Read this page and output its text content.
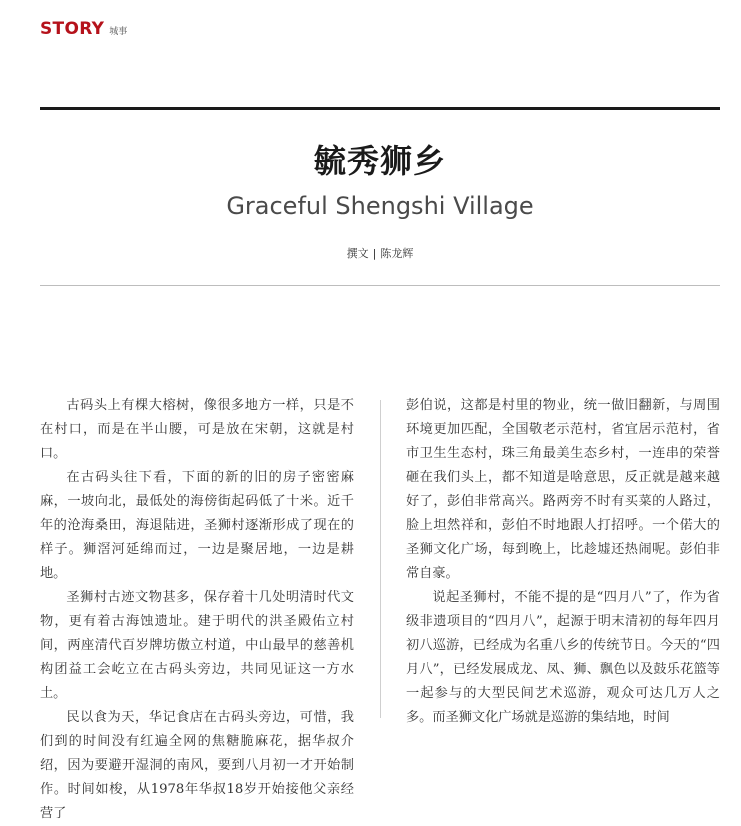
STORY 城事
毓秀狮乡
Graceful Shengshi Village
撰文 | 陈龙辉

古码头上有棵大榕树，像很多地方一样，只是不在村口，而是在半山腰，可是放在宋朝，这就是村口。

在古码头往下看，下面的新的旧的房子密密麻麻，一坡向北，最低处的海傍街起码低了十米。近千年的沧海桑田，海退陆进，圣狮村逐渐形成了现在的样子。狮滘河延绵而过，一边是聚居地，一边是耕地。

圣狮村古迹文物甚多，保存着十几处明清时代文物，更有着古海蚀遗址。建于明代的洪圣殿佑立村间，两座清代百岁牌坊傲立村道，中山最早的慈善机构团益工会屹立在古码头旁边，共同见证这一方水土。

民以食为天，华记食店在古码头旁边，可惜，我们到的时间没有红遍全网的焦糖脆麻花，据华叔介绍，因为要避开湿洞的南风，要到八月初一才开始制作。时间如梭，从1978年华叔18岁开始接他父亲经营了

彭伯说，这都是村里的物业，统一做旧翻新，与周围环境更加匹配，全国敬老示范村，省宜居示范村，省市卫生生态村，珠三角最美生态乡村，一连串的荣誉砸在我们头上，都不知道是啥意思，反正就是越来越好了，彭伯非常高兴。路两旁不时有买菜的人路过，脸上坦然祥和，彭伯不时地跟人打招呼。一个偌大的圣狮文化广场，每到晚上，比趁墟还热闹呢。彭伯非常自豪。

说起圣狮村，不能不提的是“四月八”了，作为省级非遗项目的“四月八”，起源于明末清初的每年四月初八巡游，已经成为名重八乡的传统节日。今天的“四月八”，已经发展成龙、凤、狮、飘色以及鼓乐花篮等一起参与的大型民间艺术巡游，观众可达几万人之多。而圣狮文化广场就是巡游的集结地，时间
